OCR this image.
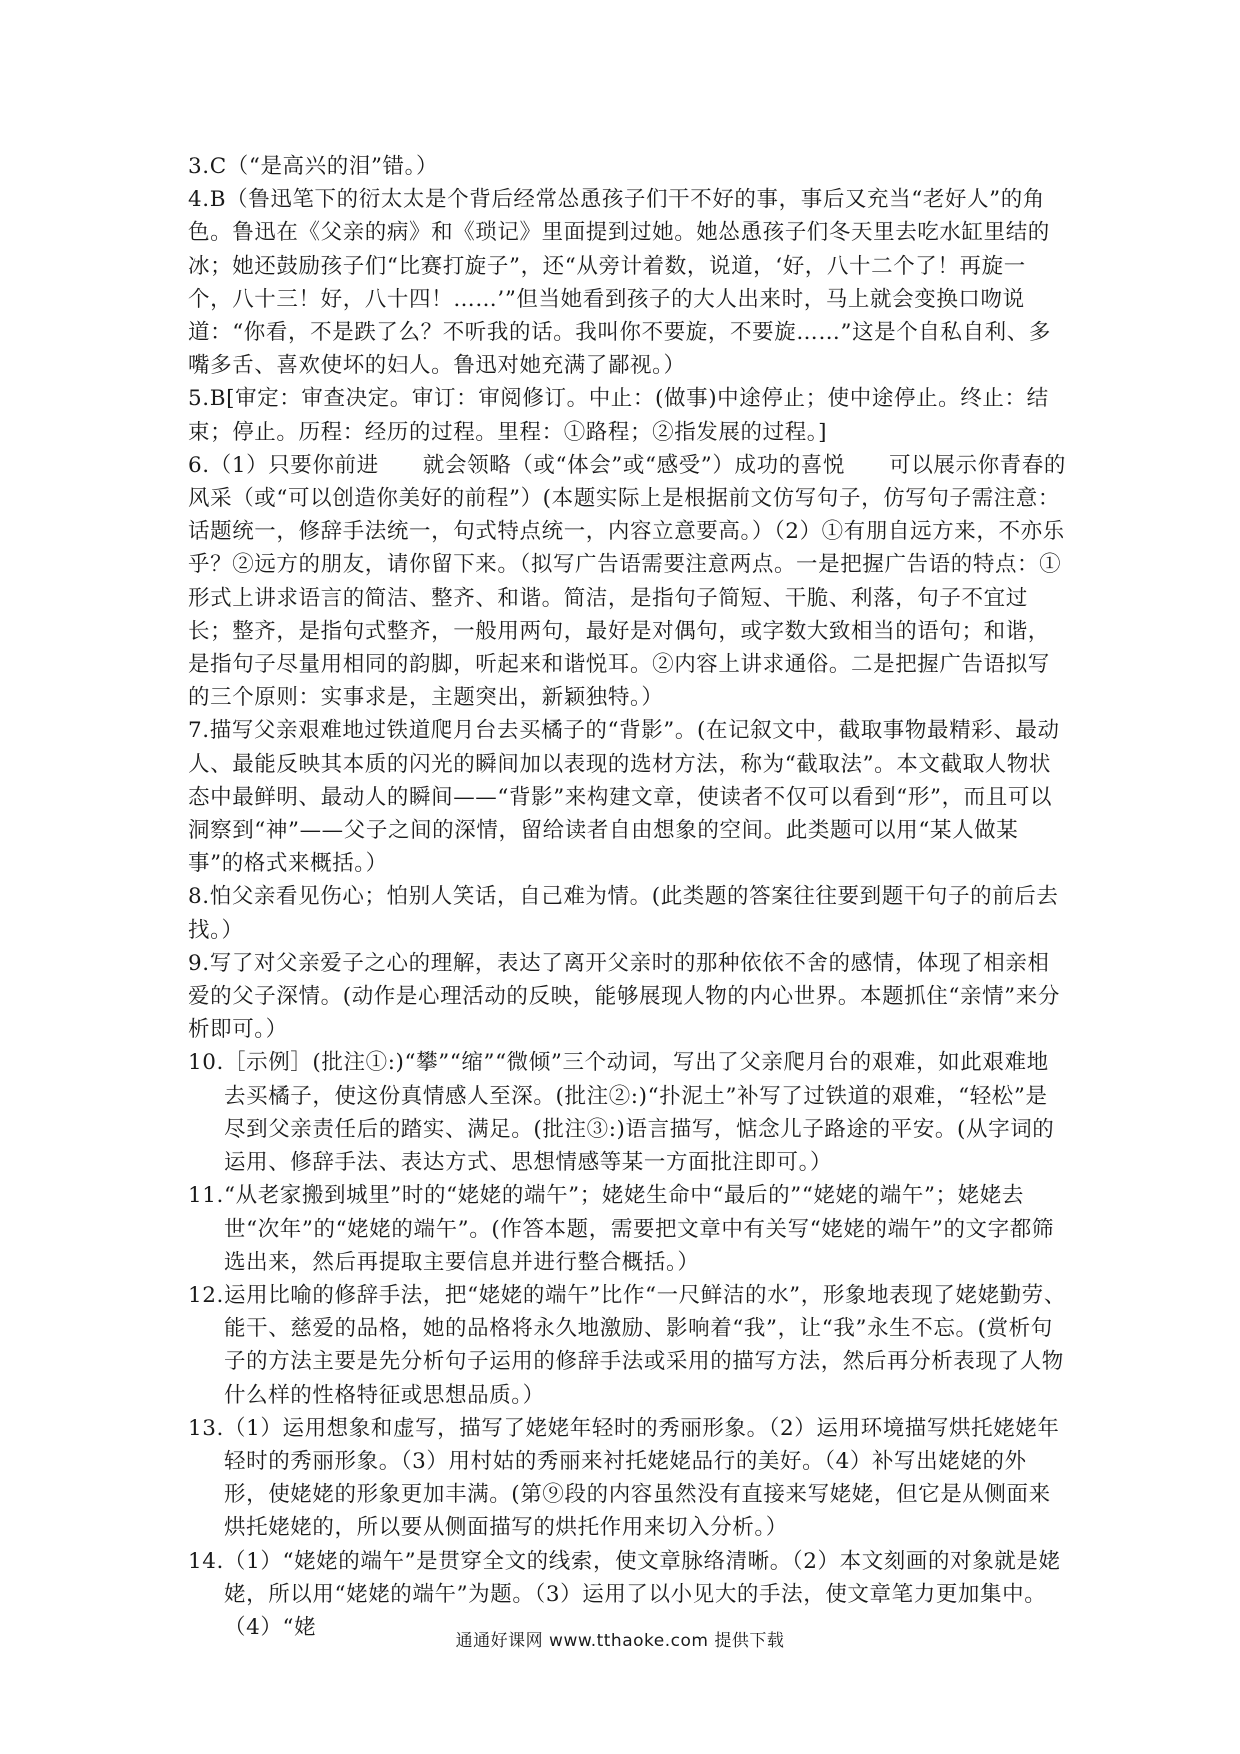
3.C（“是高兴的泪”错。）

4.B（鲁迅笔下的衍太太是个背后经常怂恿孩子们干不好的事，事后又充当“老好人”的角色。鲁迅在《父亲的病》和《琐记》里面提到过她。她怂恿孩子们冬天里去吃水缸里结的冰；她还鼓励孩子们“比赛打旋子”，还“从旁计着数，说道，‘好，八十二个了！再旋一个，八十三！好，八十四！……’”但当她看到孩子的大人出来时，马上就会变换口吻说道：“你看，不是跌了么？不听我的话。我叫你不要旋，不要旋……”这是个自私自利、多嘴多舌、喜欢使坏的妇人。鲁迅对她充满了鄙视。）

5.B[审定：审查决定。审订：审阅修订。中止：(做事)中途停止；使中途停止。终止：结束；停止。历程：经历的过程。里程：①路程；②指发展的过程。]

6.（1）只要你前进　　就会领略（或“体会”或“感受”）成功的喜悦　　可以展示你青春的风采（或“可以创造你美好的前程”）(本题实际上是根据前文仿写句子，仿写句子需注意：话题统一，修辞手法统一，句式特点统一，内容立意要高。）（2）①有朋自远方来，不亦乐乎？②远方的朋友，请你留下来。（拟写广告语需要注意两点。一是把握广告语的特点：①形式上讲求语言的简洁、整齐、和谐。简洁，是指句子简短、干脆、利落，句子不宜过长；整齐，是指句式整齐，一般用两句，最好是对偶句，或字数大致相当的语句；和谐，是指句子尽量用相同的韵脚，听起来和谐悦耳。②内容上讲求通俗。二是把握广告语拟写的三个原则：实事求是，主题突出，新颖独特。）

7.描写父亲艰难地过铁道爬月台去买橘子的“背影”。(在记叙文中，截取事物最精彩、最动人、最能反映其本质的闪光的瞬间加以表现的选材方法，称为“截取法”。本文截取人物状态中最鲜明、最动人的瞬间——“背影”来构建文章，使读者不仅可以看到“形”，而且可以洞察到“神”——父子之间的深情，留给读者自由想象的空间。此类题可以用“某人做某事”的格式来概括。）

8.怕父亲看见伤心；怕别人笑话，自己难为情。(此类题的答案往往要到题干句子的前后去找。）

9.写了对父亲爱子之心的理解，表达了离开父亲时的那种依依不舍的感情，体现了相亲相爱的父子深情。(动作是心理活动的反映，能够展现人物的内心世界。本题抓住“亲情”来分析即可。）

10.［示例］(批注①:)“攀”“缩”“微倾”三个动词，写出了父亲爬月台的艰难，如此艰难地去买橘子，使这份真情感人至深。(批注②:)“扑泥土”补写了过铁道的艰难，“轻松”是尽到父亲责任后的踏实、满足。(批注③:)语言描写，惦念儿子路途的平安。(从字词的运用、修辞手法、表达方式、思想情感等某一方面批注即可。）

11.“从老家搬到城里”时的“姥姥的端午”；姥姥生命中“最后的”“姥姥的端午”；姥姥去世“次年”的“姥姥的端午”。(作答本题，需要把文章中有关写“姥姥的端午”的文字都筛选出来，然后再提取主要信息并进行整合概括。）

12.运用比喻的修辞手法，把“姥姥的端午”比作“一尺鲜洁的水”，形象地表现了姥姥勤劳、能干、慈爱的品格，她的品格将永久地激励、影响着“我”，让“我”永生不忘。(赏析句子的方法主要是先分析句子运用的修辞手法或采用的描写方法，然后再分析表现了人物什么样的性格特征或思想品质。）

13.（1）运用想象和虚写，描写了姥姥年轻时的秀丽形象。（2）运用环境描写烘托姥姥年轻时的秀丽形象。（3）用村姑的秀丽来衬托姥姥品行的美好。（4）补写出姥姥的外形，使姥姥的形象更加丰满。(第⑨段的内容虽然没有直接来写姥姥，但它是从侧面来烘托姥姥的，所以要从侧面描写的烘托作用来切入分析。）

14.（1）“姥姥的端午”是贯穿全文的线索，使文章脉络清晰。（2）本文刻画的对象就是姥姥，所以用“姥姥的端午”为题。（3）运用了以小见大的手法，使文章笔力更加集中。（4）“姥

通通好课网 www.tthaoke.com 提供下载
